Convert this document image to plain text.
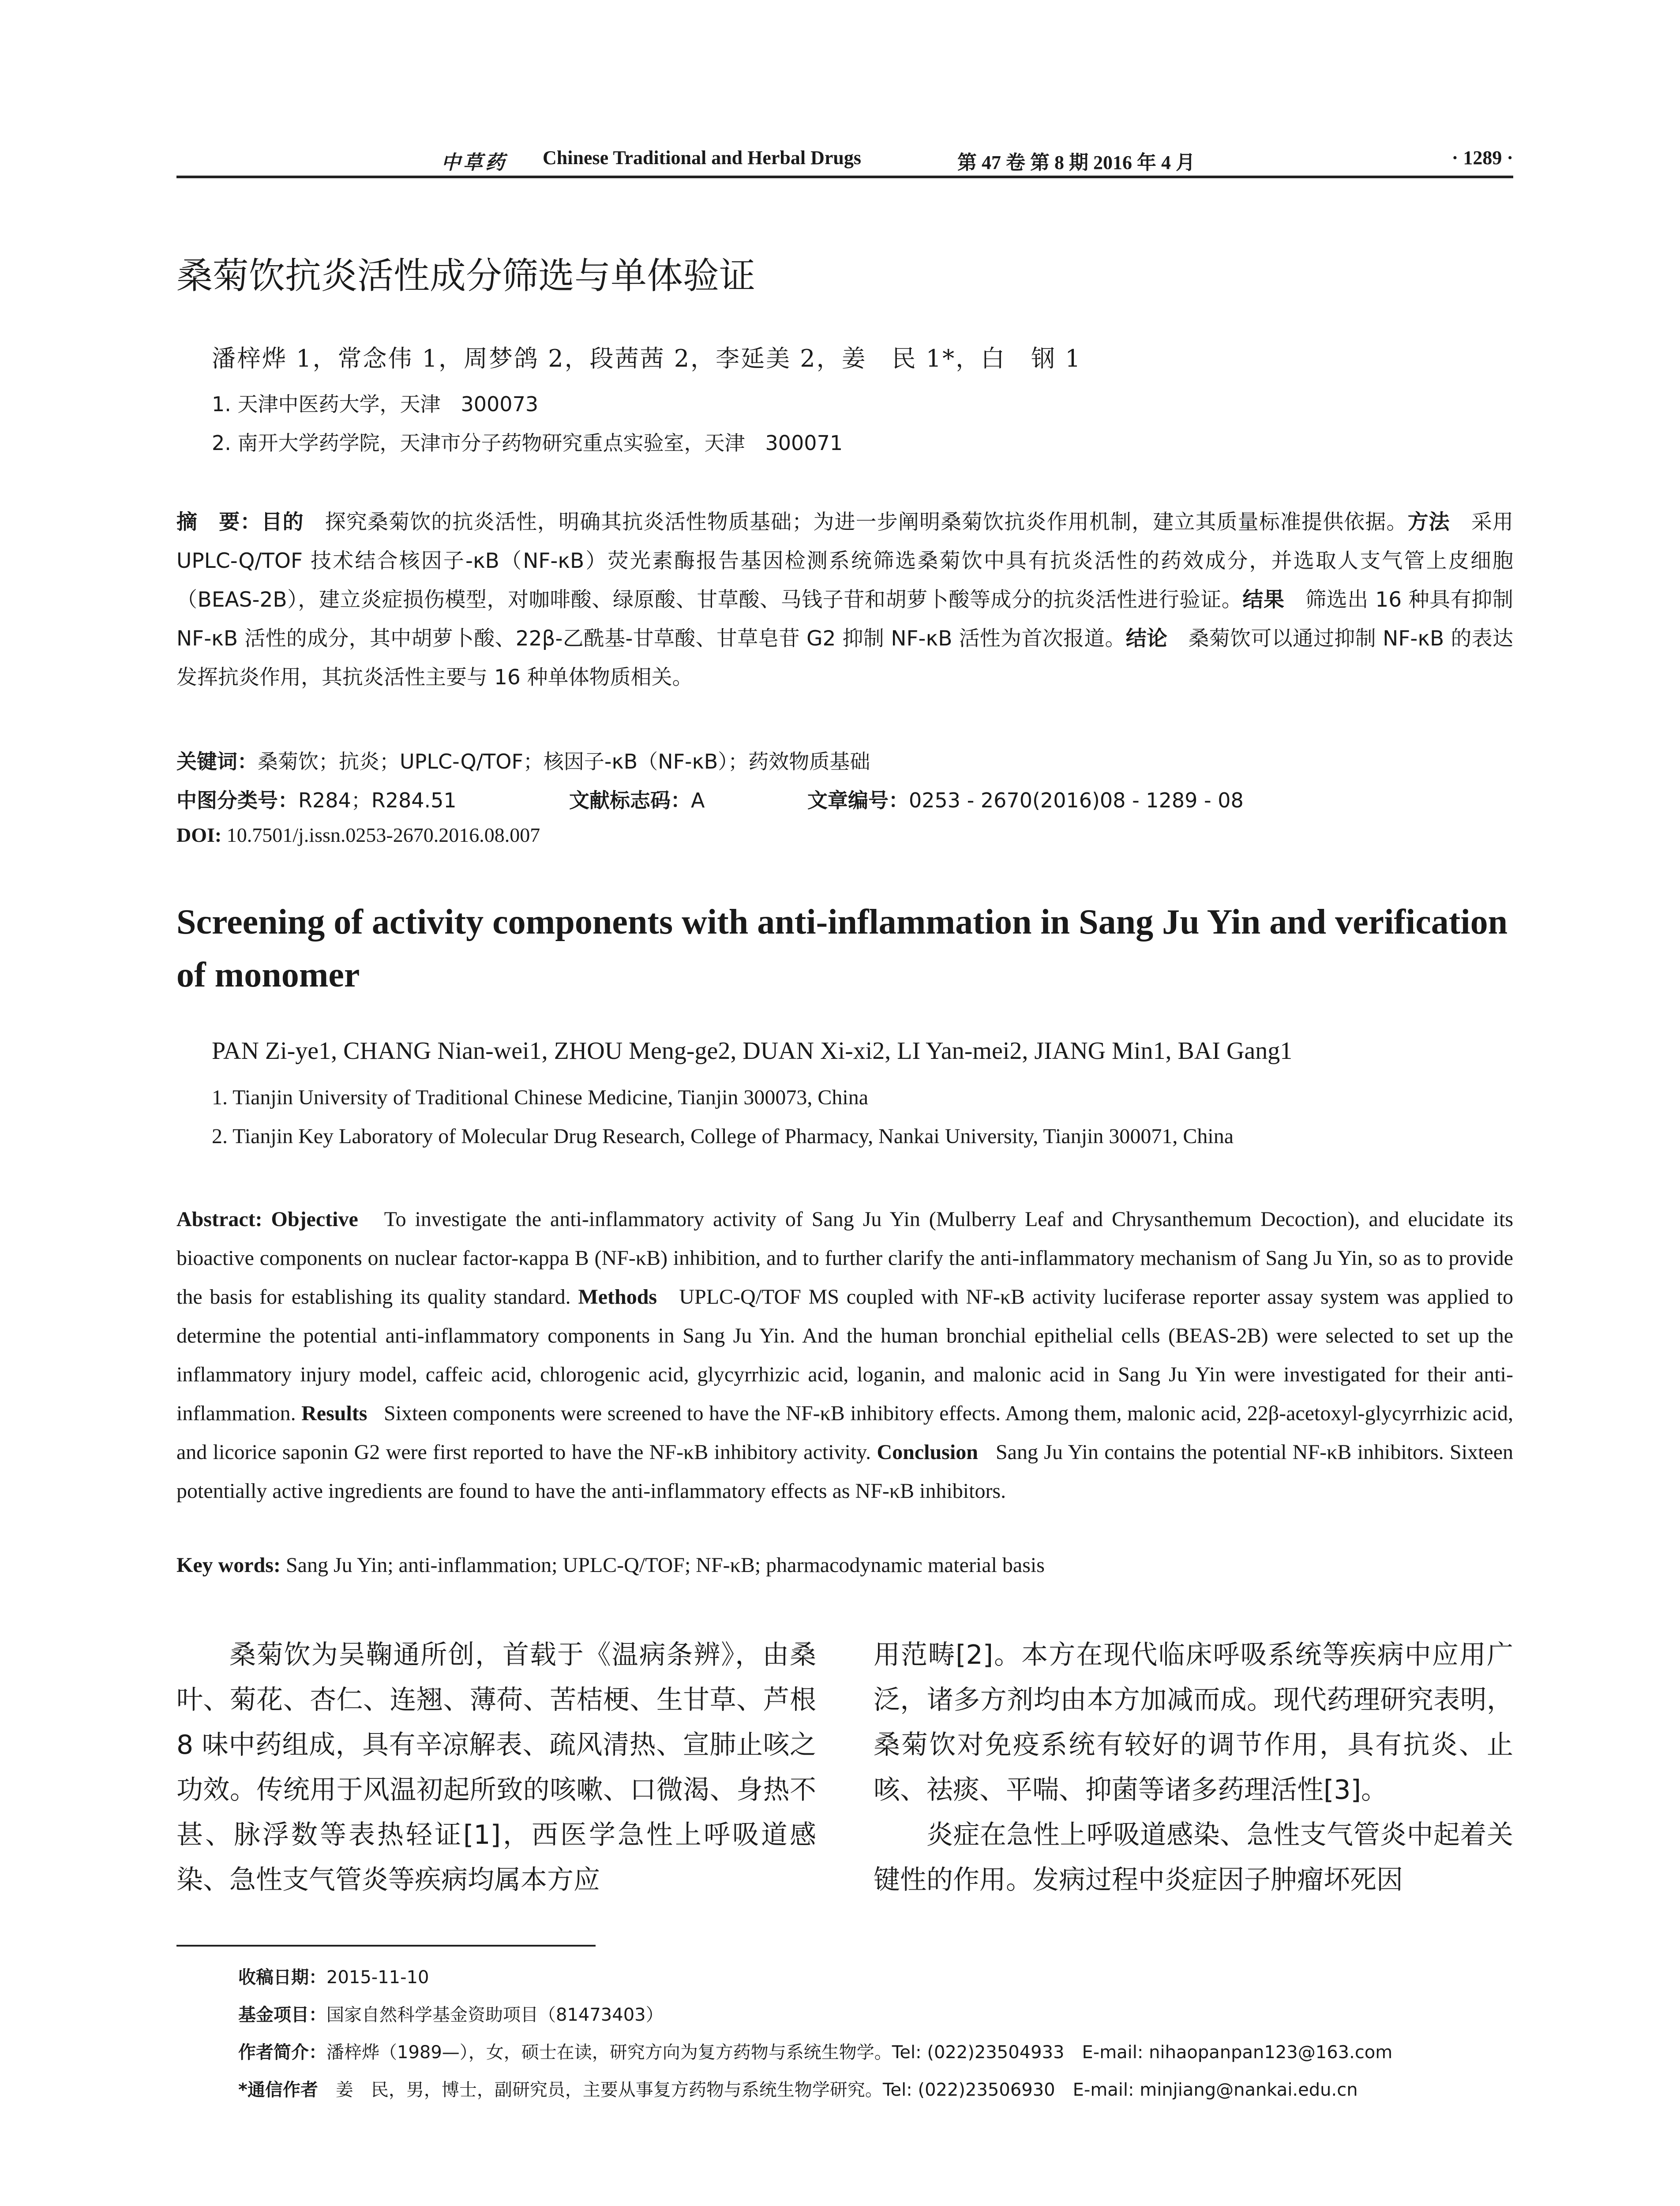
中草药 Chinese Traditional and Herbal Drugs	第 47 卷 第 8 期 2016 年 4 月	· 1289 ·
桑菊饮抗炎活性成分筛选与单体验证
潘梓烨 1，常念伟 1，周梦鸽 2，段茜茜 2，李延美 2，姜　民 1*，白　钢 1
1. 天津中医药大学，天津　300073
2. 南开大学药学院，天津市分子药物研究重点实验室，天津　300071
摘　要：目的　探究桑菊饮的抗炎活性，明确其抗炎活性物质基础；为进一步阐明桑菊饮抗炎作用机制，建立其质量标准提供依据。方法　采用 UPLC-Q/TOF 技术结合核因子-κB（NF-κB）荧光素酶报告基因检测系统筛选桑菊饮中具有抗炎活性的药效成分，并选取人支气管上皮细胞（BEAS-2B），建立炎症损伤模型，对咖啡酸、绿原酸、甘草酸、马钱子苷和胡萝卜酸等成分的抗炎活性进行验证。结果　筛选出 16 种具有抑制 NF-κB 活性的成分，其中胡萝卜酸、22β-乙酰基-甘草酸、甘草皂苷 G2 抑制 NF-κB 活性为首次报道。结论　桑菊饮可以通过抑制 NF-κB 的表达发挥抗炎作用，其抗炎活性主要与 16 种单体物质相关。
关键词：桑菊饮；抗炎；UPLC-Q/TOF；核因子-κB（NF-κB）；药效物质基础
中图分类号：R284；R284.51	文献标志码：A	文章编号：0253 - 2670(2016)08 - 1289 - 08
DOI: 10.7501/j.issn.0253-2670.2016.08.007
Screening of activity components with anti-inflammation in Sang Ju Yin and verification of monomer
PAN Zi-ye1, CHANG Nian-wei1, ZHOU Meng-ge2, DUAN Xi-xi2, LI Yan-mei2, JIANG Min1, BAI Gang1
1. Tianjin University of Traditional Chinese Medicine, Tianjin 300073, China
2. Tianjin Key Laboratory of Molecular Drug Research, College of Pharmacy, Nankai University, Tianjin 300071, China
Abstract: Objective To investigate the anti-inflammatory activity of Sang Ju Yin (Mulberry Leaf and Chrysanthemum Decoction), and elucidate its bioactive components on nuclear factor-κappa B (NF-κB) inhibition, and to further clarify the anti-inflammatory mechanism of Sang Ju Yin, so as to provide the basis for establishing its quality standard. Methods UPLC-Q/TOF MS coupled with NF-κB activity luciferase reporter assay system was applied to determine the potential anti-inflammatory components in Sang Ju Yin. And the human bronchial epithelial cells (BEAS-2B) were selected to set up the inflammatory injury model, caffeic acid, chlorogenic acid, glycyrrhizic acid, loganin, and malonic acid in Sang Ju Yin were investigated for their anti-inflammation. Results Sixteen components were screened to have the NF-κB inhibitory effects. Among them, malonic acid, 22β-acetoxyl-glycyrrhizic acid, and licorice saponin G2 were first reported to have the NF-κB inhibitory activity. Conclusion Sang Ju Yin contains the potential NF-κB inhibitors. Sixteen potentially active ingredients are found to have the anti-inflammatory effects as NF-κB inhibitors.
Key words: Sang Ju Yin; anti-inflammation; UPLC-Q/TOF; NF-κB; pharmacodynamic material basis

桑菊饮为吴鞠通所创，首载于《温病条辨》，由桑叶、菊花、杏仁、连翘、薄荷、苦桔梗、生甘草、芦根 8 味中药组成，具有辛凉解表、疏风清热、宣肺止咳之功效。传统用于风温初起所致的咳嗽、口微渴、身热不甚、脉浮数等表热轻证[1]，西医学急性上呼吸道感染、急性支气管炎等疾病均属本方应

用范畴[2]。本方在现代临床呼吸系统等疾病中应用广泛，诸多方剂均由本方加减而成。现代药理研究表明，桑菊饮对免疫系统有较好的调节作用，具有抗炎、止咳、祛痰、平喘、抑菌等诸多药理活性[3]。

炎症在急性上呼吸道感染、急性支气管炎中起着关键性的作用。发病过程中炎症因子肿瘤坏死因

收稿日期：2015-11-10
基金项目：国家自然科学基金资助项目（81473403）
作者简介：潘梓烨（1989—），女，硕士在读，研究方向为复方药物与系统生物学。Tel: (022)23504933　E-mail: nihaopanpan123@163.com
*通信作者　姜　民，男，博士，副研究员，主要从事复方药物与系统生物学研究。Tel: (022)23506930　E-mail: minjiang@nankai.edu.cn
